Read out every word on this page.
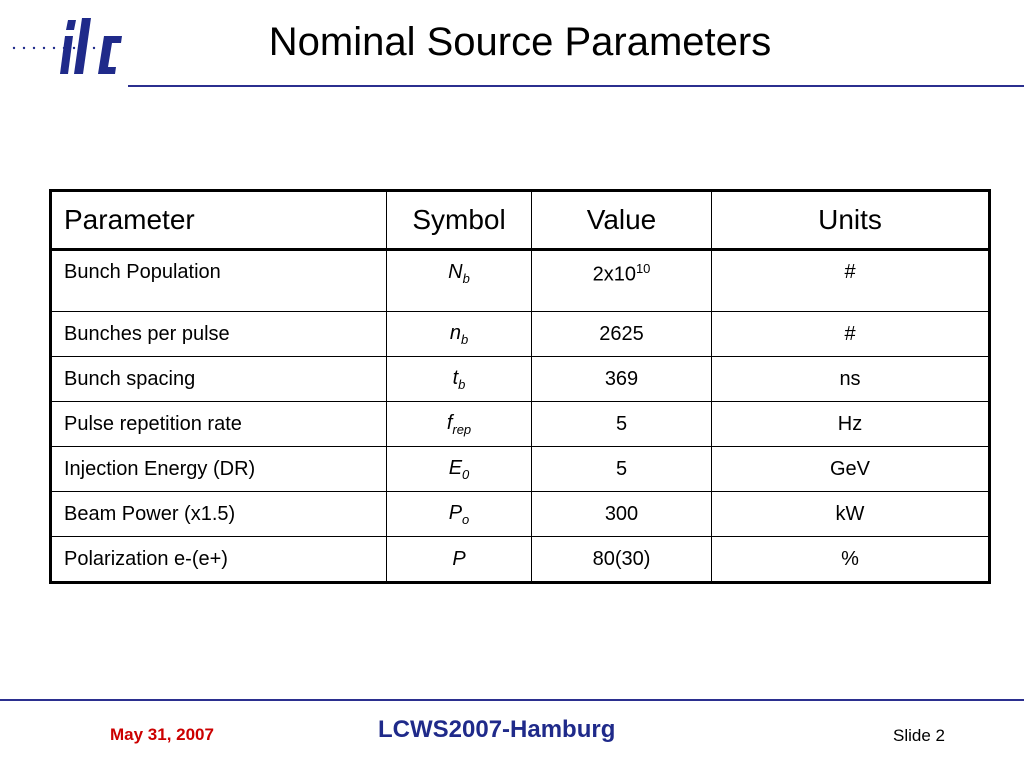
Nominal Source Parameters
Parameter	Symbol	Value	Units
Bunch Population	$N_b$	$2x10^{10}$	#
Bunches per pulse	$n_b$	2625	#
Bunch spacing	$t_b$	369	ns
Pulse repetition rate	$f_{rep}$	5	Hz
Injection Energy (DR)	$E_0$	5	GeV
Beam Power (x1.5)	$P_o$	300	kW
Polarization e-(e+)	P	80(30)	%
May 31, 2007	LCWS2007-Hamburg	Slide 2
